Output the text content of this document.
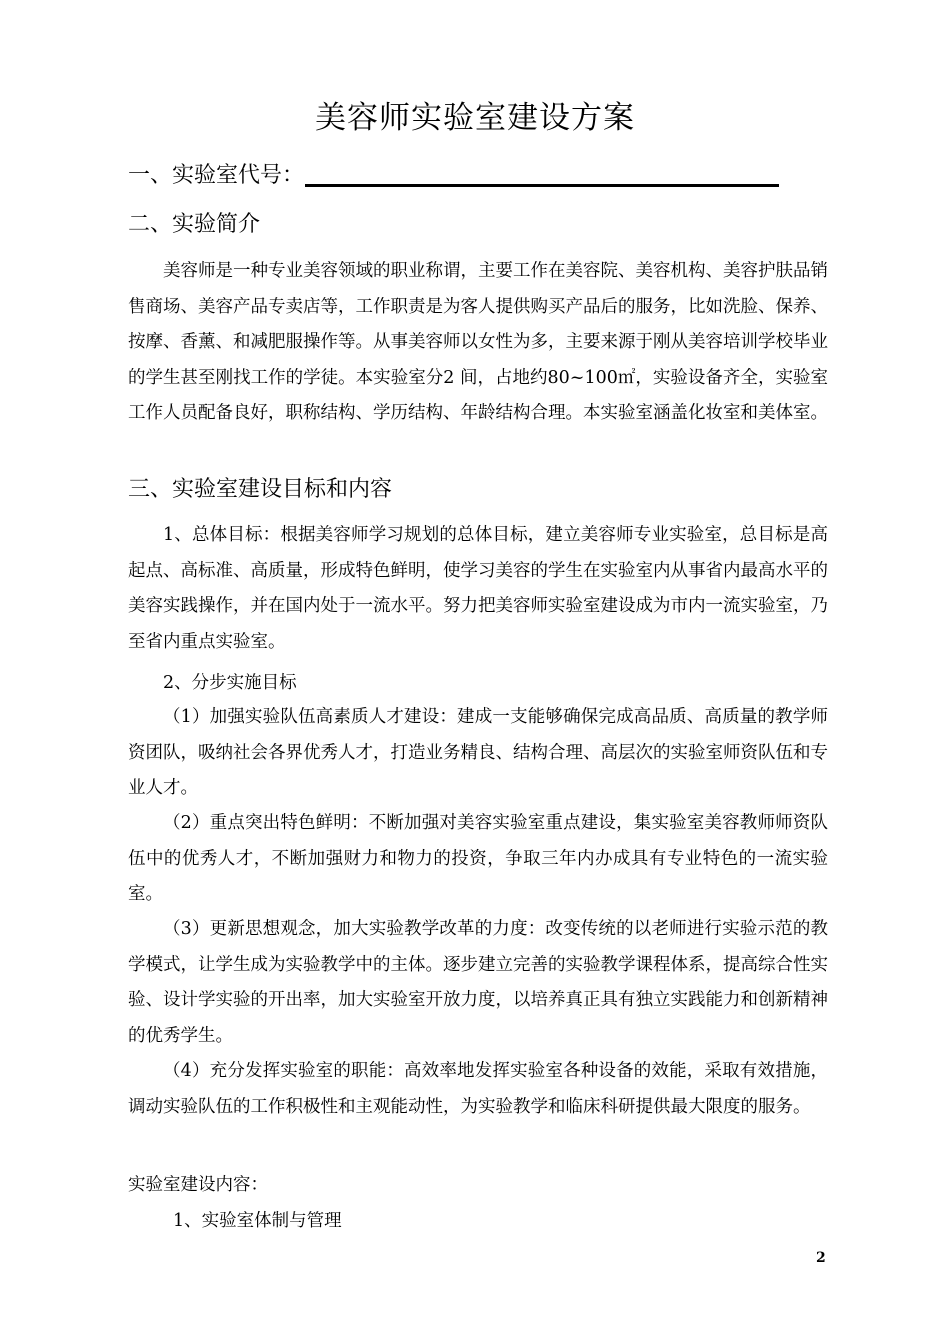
美容师实验室建设方案
一、实验室代号：
二、实验简介

美容师是一种专业美容领域的职业称谓，主要工作在美容院、美容机构、美容护肤品销售商场、美容产品专卖店等，工作职责是为客人提供购买产品后的服务，比如洗脸、保养、按摩、香薰、和减肥服操作等。从事美容师以女性为多，主要来源于刚从美容培训学校毕业的学生甚至刚找工作的学徒。本实验室分2 间，占地约80~100㎡，实验设备齐全，实验室工作人员配备良好，职称结构、学历结构、年龄结构合理。本实验室涵盖化妆室和美体室。

三、实验室建设目标和内容

1、总体目标：根据美容师学习规划的总体目标，建立美容师专业实验室，总目标是高起点、高标准、高质量，形成特色鲜明，使学习美容的学生在实验室内从事省内最高水平的美容实践操作，并在国内处于一流水平。努力把美容师实验室建设成为市内一流实验室，乃至省内重点实验室。

2、分步实施目标

（1）加强实验队伍高素质人才建设：建成一支能够确保完成高品质、高质量的教学师资团队，吸纳社会各界优秀人才，打造业务精良、结构合理、高层次的实验室师资队伍和专业人才。

（2）重点突出特色鲜明：不断加强对美容实验室重点建设，集实验室美容教师师资队伍中的优秀人才，不断加强财力和物力的投资，争取三年内办成具有专业特色的一流实验室。

（3）更新思想观念，加大实验教学改革的力度：改变传统的以老师进行实验示范的教学模式，让学生成为实验教学中的主体。逐步建立完善的实验教学课程体系，提高综合性实验、设计学实验的开出率，加大实验室开放力度，以培养真正具有独立实践能力和创新精神的优秀学生。

（4）充分发挥实验室的职能：高效率地发挥实验室各种设备的效能，采取有效措施，调动实验队伍的工作积极性和主观能动性，为实验教学和临床科研提供最大限度的服务。

实验室建设内容：

1、实验室体制与管理

2
